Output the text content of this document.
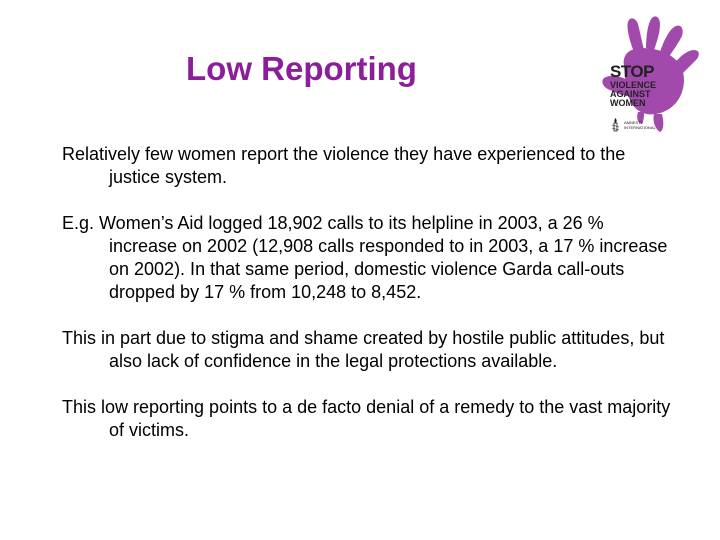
Low Reporting	STOP
VIOLENCE
AGAINST
WOMEN
AMNESTY
INTERNATIONAL

Relatively few women report the violence they have experienced to the justice system.

E.g. Women’s Aid logged 18,902 calls to its helpline in 2003, a 26 % increase on 2002 (12,908 calls responded to in 2003, a 17 % increase on 2002). In that same period, domestic violence Garda call-outs dropped by 17 % from 10,248 to 8,452.

This in part due to stigma and shame created by hostile public attitudes, but also lack of confidence in the legal protections available.

This low reporting points to a de facto denial of a remedy to the vast majority of victims.
